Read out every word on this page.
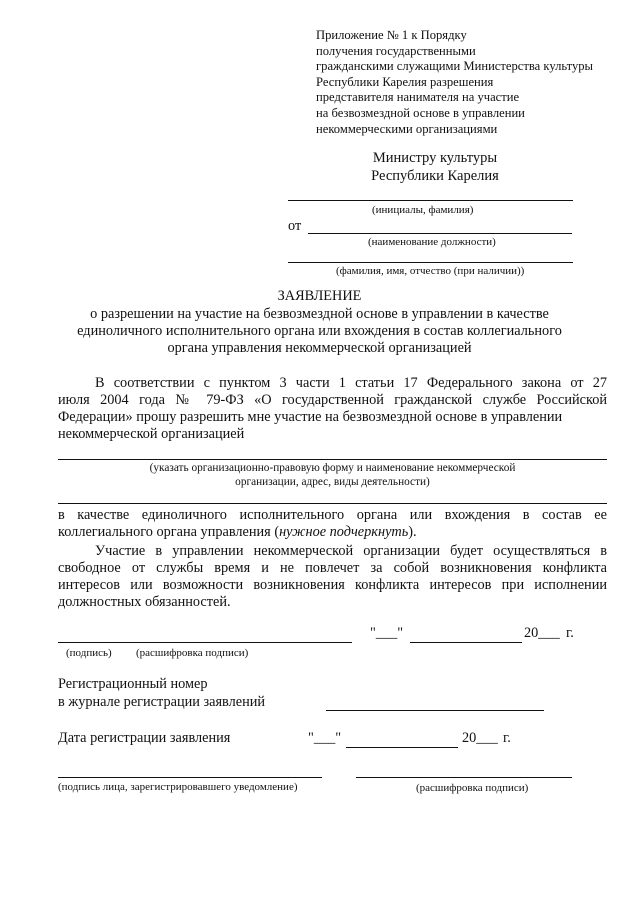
Приложение № 1 к Порядку
получения государственными
гражданскими служащими Министерства культуры
Республики Карелия разрешения
представителя нанимателя на участие
на безвозмездной основе в управлении
некоммерческими организациями
Министру культуры
Республики Карелия
(инициалы, фамилия)
от
(наименование должности)
(фамилия, имя, отчество (при наличии))
ЗАЯВЛЕНИЕ
о разрешении на участие на безвозмездной основе в управлении в качестве
единоличного исполнительного органа или вхождения в состав коллегиального
органа управления некоммерческой организацией
В соответствии с пунктом 3 части 1 статьи 17 Федерального закона от 27
июля 2004 года № 79-ФЗ «О государственной гражданской службе Российской
Федерации» прошу разрешить мне участие на безвозмездной основе в управлении
некоммерческой организацией
(указать организационно-правовую форму и наименование некоммерческой
организации, адрес, виды деятельности)
в качестве единоличного исполнительного органа или вхождения в состав ее
коллегиального органа управления (нужное подчеркнуть).
Участие в управлении некоммерческой организации будет осуществляться в
свободное от службы время и не повлечет за собой возникновения конфликта
интересов или возможности возникновения конфликта интересов при исполнении
должностных обязанностей.
"___"	20___ г.
(подпись) (расшифровка подписи)
Регистрационный номер
в журнале регистрации заявлений
Дата регистрации заявления	"___"	20___ г.
(подпись лица, зарегистрировавшего уведомление)	(расшифровка подписи)
